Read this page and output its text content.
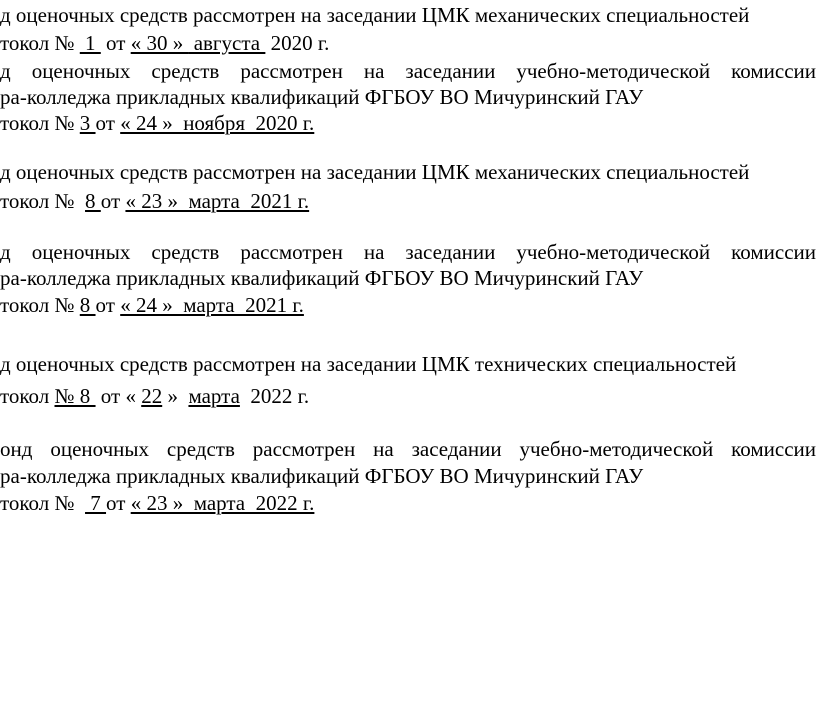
д оценочных средств рассмотрен на заседании ЦМК механических специальностей
токол №  1  от « 30 »  августа  2020 г.
д оценочных средств рассмотрен на заседании учебно-методической комиссии
ра-колледжа прикладных квалификаций ФГБОУ ВО Мичуринский ГАУ
токол № 3 от « 24 »  ноября  2020 г.
д оценочных средств рассмотрен на заседании ЦМК механических специальностей
токол №  8 от « 23 »  марта  2021 г.
д оценочных средств рассмотрен на заседании учебно-методической комиссии
ра-колледжа прикладных квалификаций ФГБОУ ВО Мичуринский ГАУ
токол № 8 от « 24 »  марта  2021 г.
д оценочных средств рассмотрен на заседании ЦМК технических специальностей
токол № 8  от « 22 »  марта  2022 г.
онд оценочных средств рассмотрен на заседании учебно-методической комиссии
ра-колледжа прикладных квалификаций ФГБОУ ВО Мичуринский ГАУ
токол №   7 от « 23 »  марта  2022 г.
